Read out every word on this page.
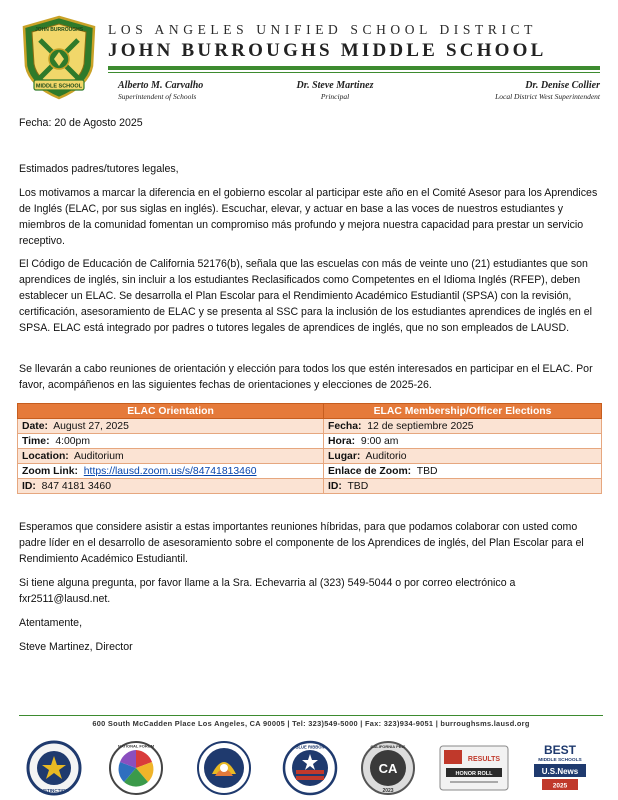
JOHN BURROUGHS
MIDDLE SCHOOL
LOS ANGELES UNIFIED SCHOOL DISTRICT
JOHN BURROUGHS MIDDLE SCHOOL
Alberto M. Carvalho
Superintendent of Schools
Dr. Steve Martinez
Principal
Dr. Denise Collier
Local District West Superintendent
Fecha: 20 de Agosto 2025
Estimados padres/tutores legales,
Los motivamos a marcar la diferencia en el gobierno escolar al participar este año en el Comité Asesor para los Aprendices de Inglés (ELAC, por sus siglas en inglés). Escuchar, elevar, y actuar en base a las voces de nuestros estudiantes y miembros de la comunidad fomentan un compromiso más profundo y mejora nuestra capacidad para prestar un servicio receptivo.
El Código de Educación de California 52176(b), señala que las escuelas con más de veinte uno (21) estudiantes que son aprendices de inglés, sin incluir a los estudiantes Reclasificados como Competentes en el Idioma Inglés (RFEP), deben establecer un ELAC. Se desarrolla el Plan Escolar para el Rendimiento Académico Estudiantil (SPSA) con la revisión, certificación, asesoramiento de ELAC y se presenta al SSC para la inclusión de los estudiantes aprendices de inglés en el SPSA. ELAC está integrado por padres o tutores legales de aprendices de inglés, que no son empleados de LAUSD.
Se llevarán a cabo reuniones de orientación y elección para todos los que estén interesados en participar en el ELAC. Por favor, acompáñenos en las siguientes fechas de orientaciones y elecciones de 2025-26.
ELAC Orientation	ELAC Membership/Officer Elections
Date: August 27, 2025	Fecha: 12 de septiembre 2025
Time: 4:00pm	Hora: 9:00 am
Location: Auditorium	Lugar: Auditorio
Zoom Link: https://lausd.zoom.us/s/84741813460	Enlace de Zoom: TBD
ID: 847 4181 3460	ID: TBD
Esperamos que considere asistir a estas importantes reuniones híbridas, para que podamos colaborar con usted como padre líder en el desarrollo de asesoramiento sobre el componente de los Aprendices de inglés, del Plan Escolar para el Rendimiento Académico Estudiantil.
Si tiene alguna pregunta, por favor llame a la Sra. Echevarria al (323) 549-5044 o por correo electrónico a fxr2511@lausd.net.
Atentamente,
Steve Martinez, Director
600 South McCadden Place Los Angeles, CA 90005 | Tel: 323)549-5000 | Fax: 323)934-9051 | burroughsms.lausd.org
DISTINCTION
NATIONAL FORUM	BLUE RIBBON
CA
CALIFORNIA PBIS
2023
RESULTS
HONOR ROLL
BEST
MIDDLE SCHOOLS
U.S.News
2025
